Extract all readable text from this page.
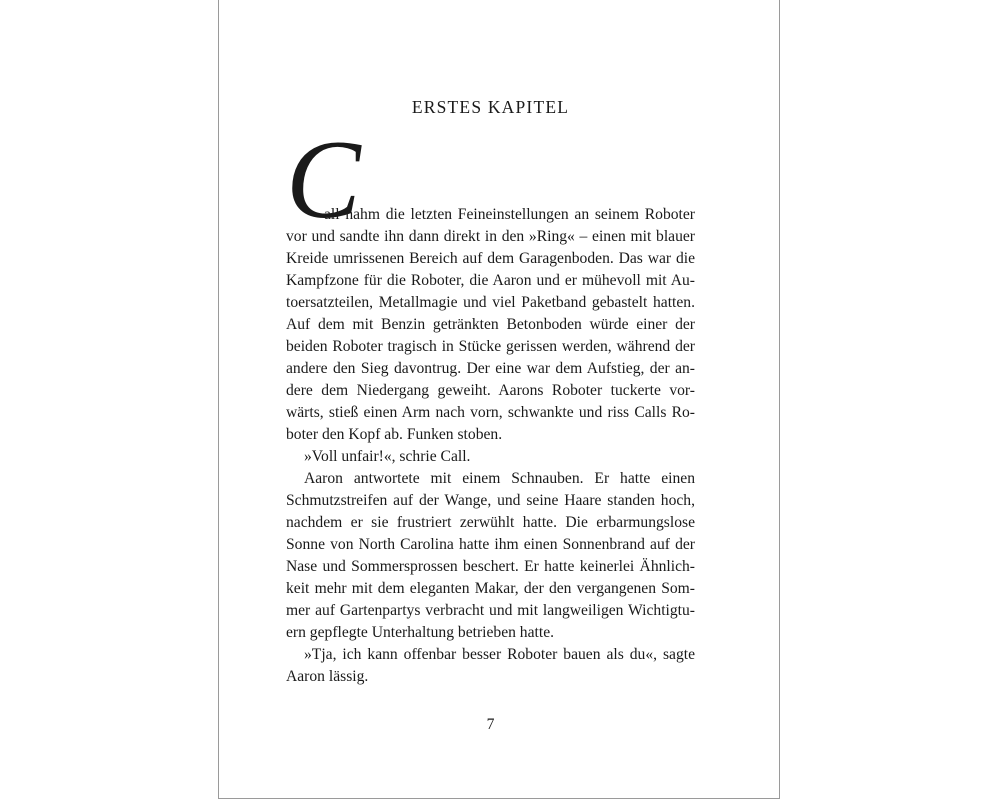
ERSTES KAPITEL
C

all nahm die letzten Feineinstellungen an seinem Roboter

vor und sandte ihn dann direkt in den »Ring« – einen mit blauer

Kreide umrissenen Bereich auf dem Garagenboden. Das war die

Kampfzone für die Roboter, die Aaron und er mühevoll mit Au-

toersatzteilen, Metallmagie und viel Paketband gebastelt hatten.

Auf dem mit Benzin getränkten Betonboden würde einer der

beiden Roboter tragisch in Stücke gerissen werden, während der

andere den Sieg davontrug. Der eine war dem Aufstieg, der an-

dere dem Niedergang geweiht. Aarons Roboter tuckerte vor-

wärts, stieß einen Arm nach vorn, schwankte und riss Calls Ro-

boter den Kopf ab. Funken stoben.

»Voll unfair!«, schrie Call.

Aaron antwortete mit einem Schnauben. Er hatte einen

Schmutzstreifen auf der Wange, und seine Haare standen hoch,

nachdem er sie frustriert zerwühlt hatte. Die erbarmungslose

Sonne von North Carolina hatte ihm einen Sonnenbrand auf der

Nase und Sommersprossen beschert. Er hatte keinerlei Ähnlich-

keit mehr mit dem eleganten Makar, der den vergangenen Som-

mer auf Gartenpartys verbracht und mit langweiligen Wichtigtu-

ern gepflegte Unterhaltung betrieben hatte.

»Tja, ich kann offenbar besser Roboter bauen als du«, sagte

Aaron lässig.

7
